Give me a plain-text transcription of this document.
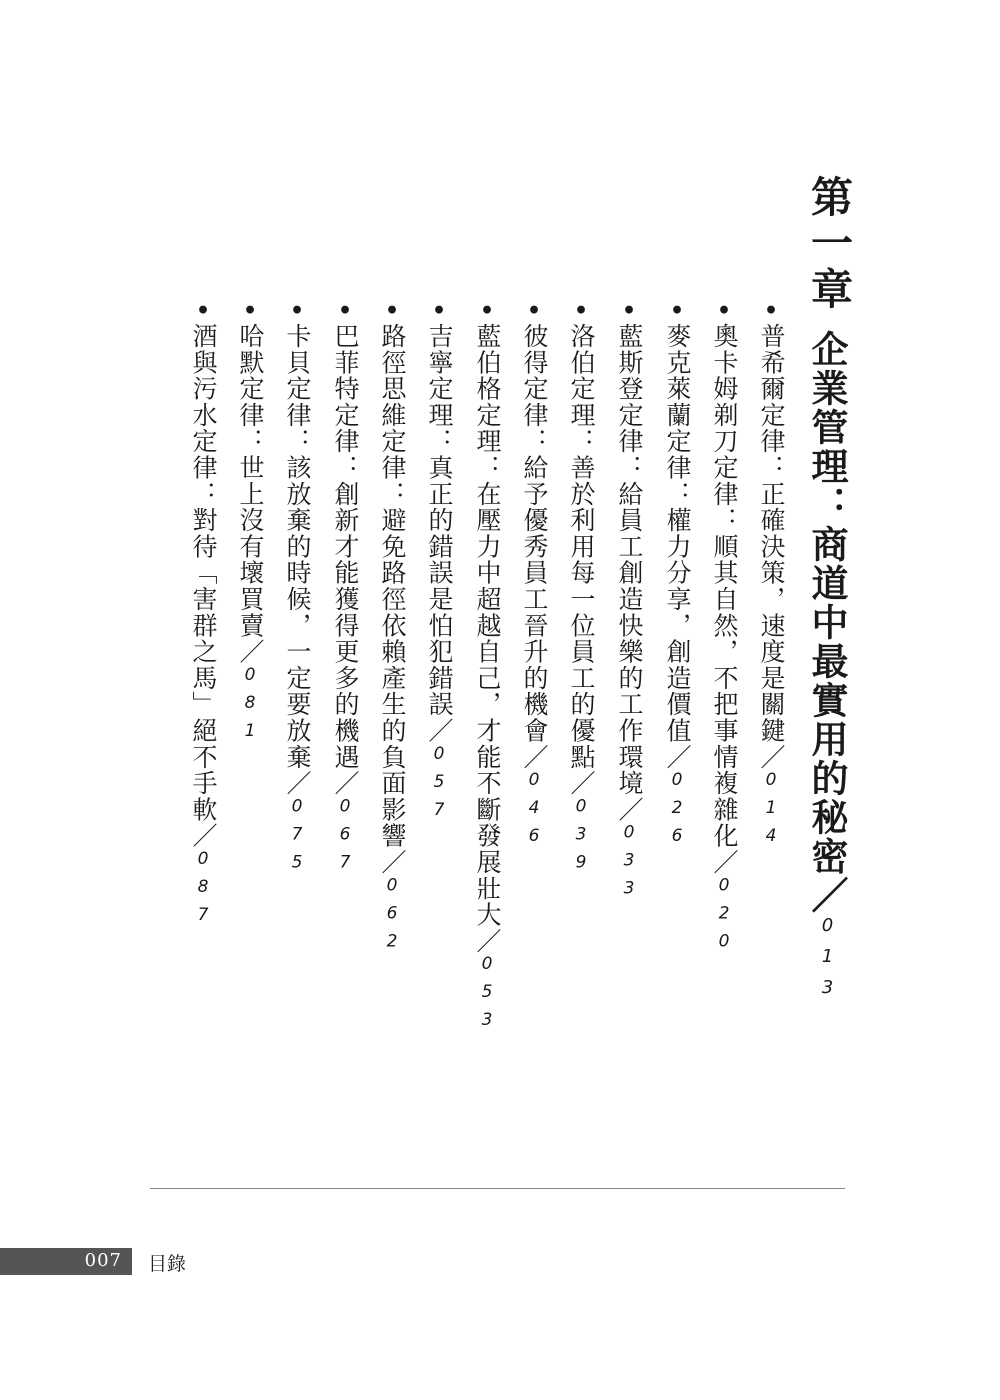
第一章
企業管理：商道中最實用的秘密／013
•普希爾定律：正確決策，速度是關鍵／014
•奧卡姆剃刀定律：順其自然，不把事情複雜化／020
•麥克萊蘭定律：權力分享，創造價值／026
•藍斯登定律：給員工創造快樂的工作環境／033
•洛伯定理：善於利用每一位員工的優點／039
•彼得定律：給予優秀員工晉升的機會／046
•藍伯格定理：在壓力中超越自己，才能不斷發展壯大／053
•吉寧定理：真正的錯誤是怕犯錯誤／057
•路徑思維定律：避免路徑依賴產生的負面影響／062
•巴菲特定律：創新才能獲得更多的機遇／067
•卡貝定律：該放棄的時候，一定要放棄／075
•哈默定律：世上沒有壞買賣／081
•酒與污水定律：對待「害群之馬」絕不手軟／087
007 目錄
